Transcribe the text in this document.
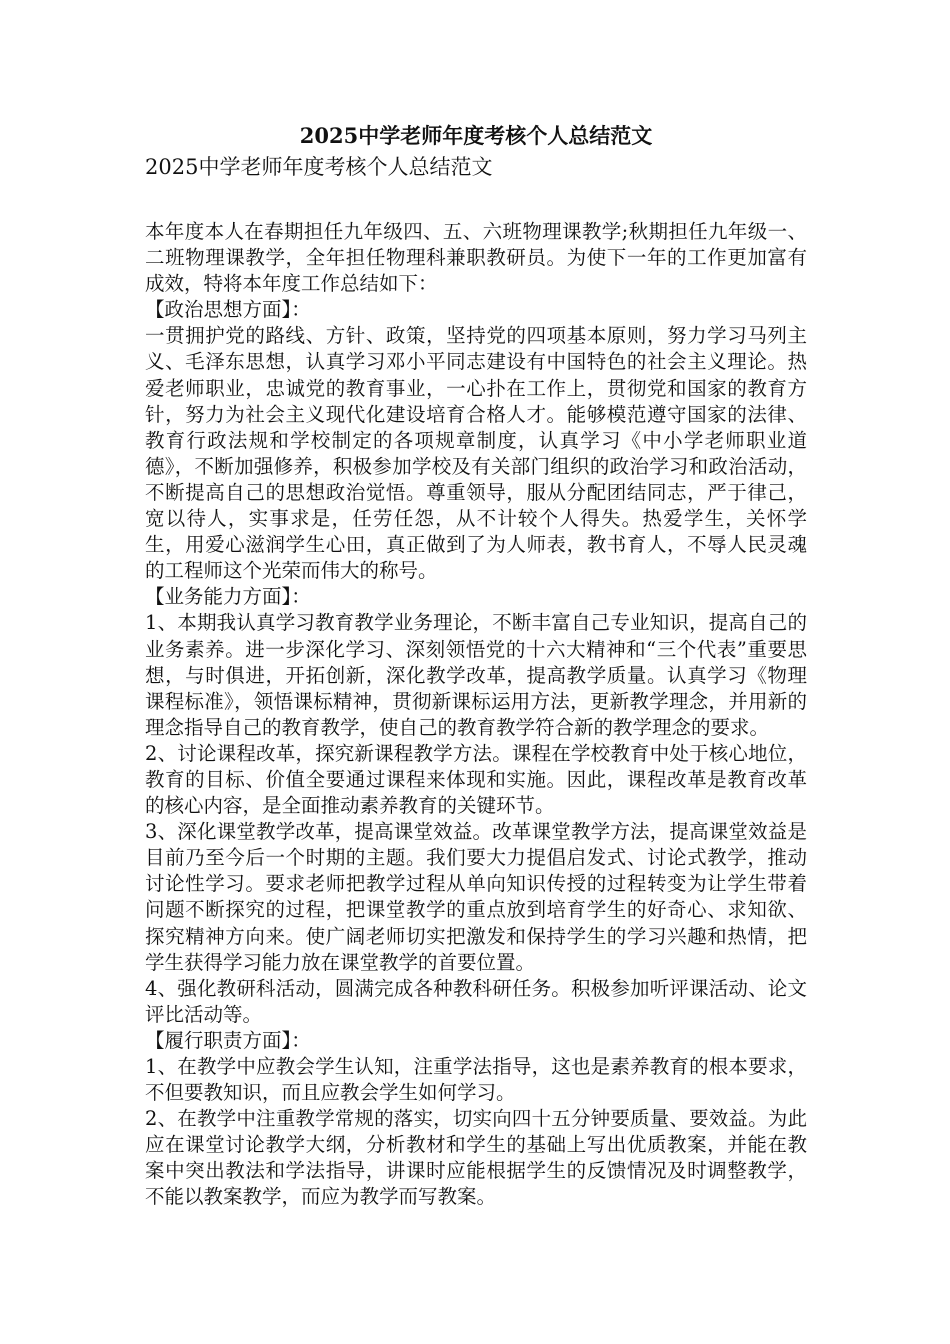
2025中学老师年度考核个人总结范文

2025中学老师年度考核个人总结范文

本年度本人在春期担任九年级四、五、六班物理课教学;秋期担任九年级一、二班物理课教学，全年担任物理科兼职教研员。为使下一年的工作更加富有成效，特将本年度工作总结如下：

【政治思想方面】：

一贯拥护党的路线、方针、政策，坚持党的四项基本原则，努力学习马列主义、毛泽东思想，认真学习邓小平同志建设有中国特色的社会主义理论。热爱老师职业，忠诚党的教育事业，一心扑在工作上，贯彻党和国家的教育方针，努力为社会主义现代化建设培育合格人才。能够模范遵守国家的法律、教育行政法规和学校制定的各项规章制度，认真学习《中小学老师职业道德》，不断加强修养，积极参加学校及有关部门组织的政治学习和政治活动，不断提高自己的思想政治觉悟。尊重领导，服从分配团结同志，严于律己，宽以待人，实事求是，任劳任怨，从不计较个人得失。热爱学生，关怀学生，用爱心滋润学生心田，真正做到了为人师表，教书育人，不辱人民灵魂的工程师这个光荣而伟大的称号。

【业务能力方面】：

1、本期我认真学习教育教学业务理论，不断丰富自己专业知识，提高自己的业务素养。进一步深化学习、深刻领悟党的十六大精神和“三个代表”重要思想，与时俱进，开拓创新，深化教学改革，提高教学质量。认真学习《物理课程标准》，领悟课标精神，贯彻新课标运用方法，更新教学理念，并用新的理念指导自己的教育教学，使自己的教育教学符合新的教学理念的要求。

2、讨论课程改革，探究新课程教学方法。课程在学校教育中处于核心地位，教育的目标、价值全要通过课程来体现和实施。因此，课程改革是教育改革的核心内容，是全面推动素养教育的关键环节。

3、深化课堂教学改革，提高课堂效益。改革课堂教学方法，提高课堂效益是目前乃至今后一个时期的主题。我们要大力提倡启发式、讨论式教学，推动讨论性学习。要求老师把教学过程从单向知识传授的过程转变为让学生带着问题不断探究的过程，把课堂教学的重点放到培育学生的好奇心、求知欲、探究精神方向来。使广阔老师切实把激发和保持学生的学习兴趣和热情，把学生获得学习能力放在课堂教学的首要位置。

4、强化教研科活动，圆满完成各种教科研任务。积极参加听评课活动、论文评比活动等。

【履行职责方面】：

1、在教学中应教会学生认知，注重学法指导，这也是素养教育的根本要求，不但要教知识，而且应教会学生如何学习。

2、在教学中注重教学常规的落实，切实向四十五分钟要质量、要效益。为此应在课堂讨论教学大纲，分析教材和学生的基础上写出优质教案，并能在教案中突出教法和学法指导，讲课时应能根据学生的反馈情况及时调整教学，不能以教案教学，而应为教学而写教案。
